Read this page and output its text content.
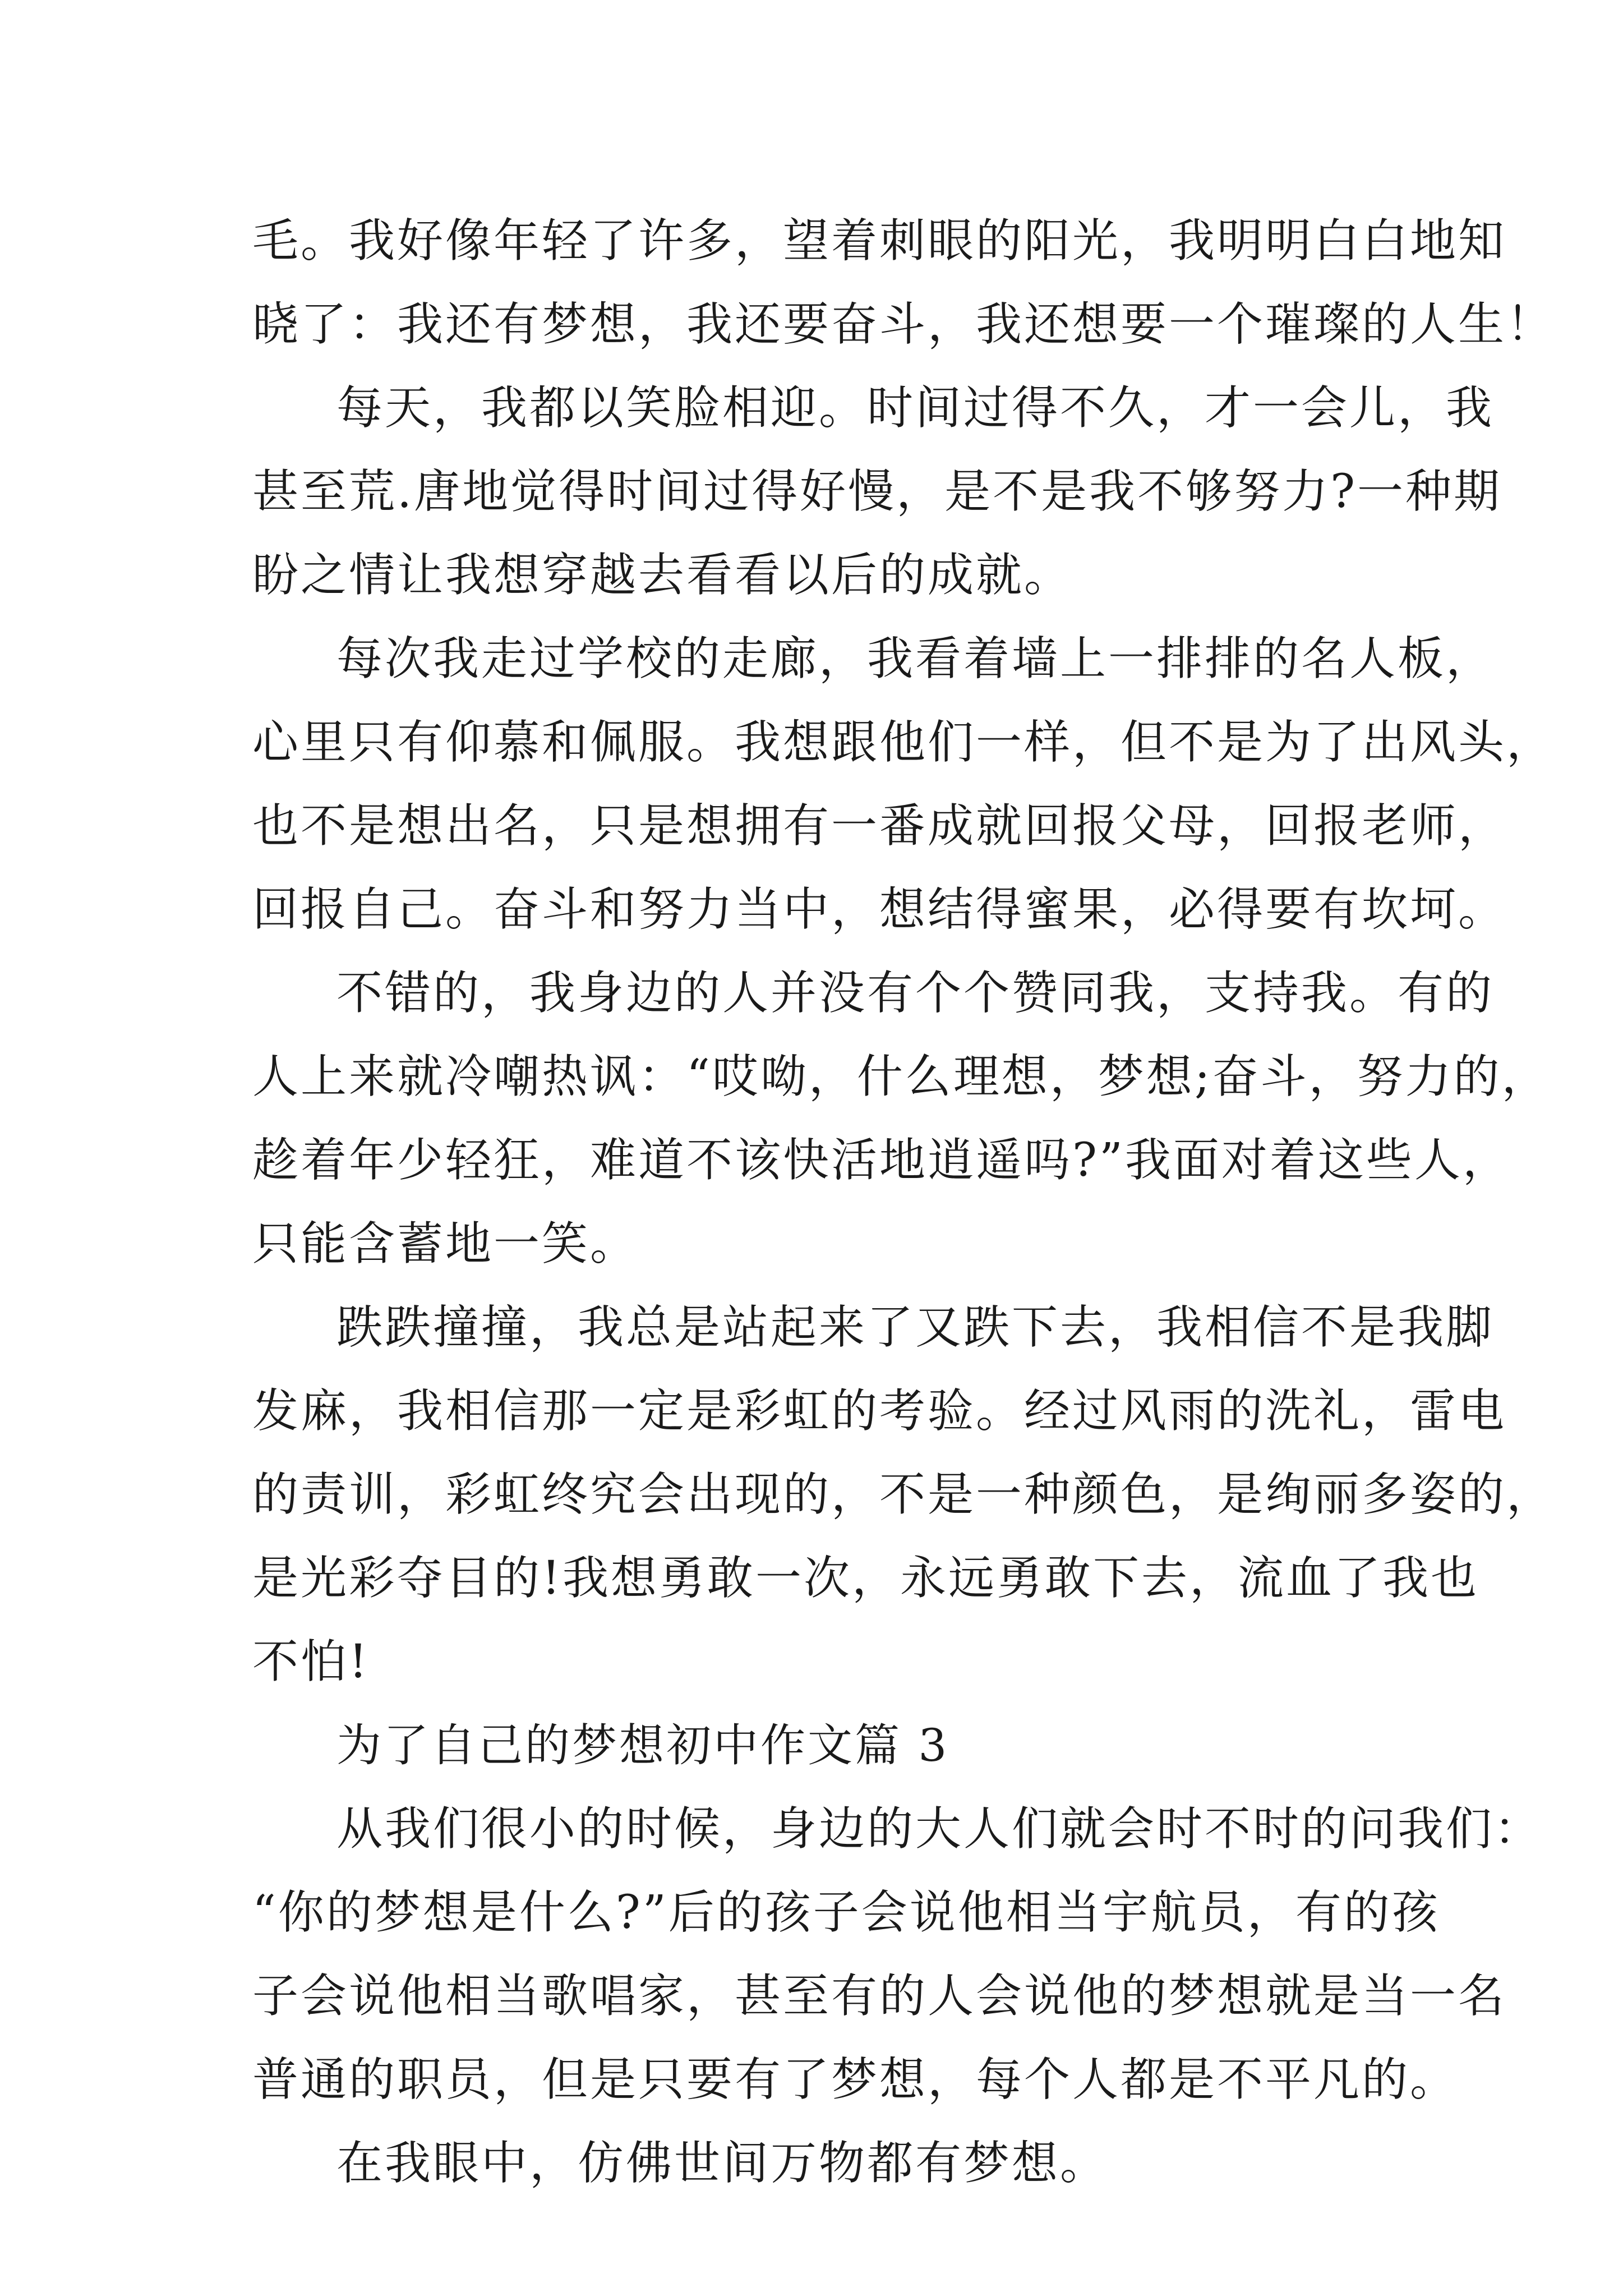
毛。我好像年轻了许多，望着刺眼的阳光，我明明白白地知
晓了：我还有梦想，我还要奋斗，我还想要一个璀璨的人生！
每天，我都以笑脸相迎。时间过得不久，才一会儿，我
甚至荒.唐地觉得时间过得好慢，是不是我不够努力?一种期
盼之情让我想穿越去看看以后的成就。
每次我走过学校的走廊，我看着墙上一排排的名人板，
心里只有仰慕和佩服。我想跟他们一样，但不是为了出风头，
也不是想出名，只是想拥有一番成就回报父母，回报老师，
回报自己。奋斗和努力当中，想结得蜜果，必得要有坎坷。
不错的，我身边的人并没有个个赞同我，支持我。有的
人上来就冷嘲热讽：“哎呦，什么理想，梦想;奋斗，努力的，
趁着年少轻狂，难道不该快活地逍遥吗?”我面对着这些人，
只能含蓄地一笑。
跌跌撞撞，我总是站起来了又跌下去，我相信不是我脚
发麻，我相信那一定是彩虹的考验。经过风雨的洗礼，雷电
的责训，彩虹终究会出现的，不是一种颜色，是绚丽多姿的，
是光彩夺目的!我想勇敢一次，永远勇敢下去，流血了我也
不怕!
为了自己的梦想初中作文篇 3
从我们很小的时候，身边的大人们就会时不时的问我们：
“你的梦想是什么?”后的孩子会说他相当宇航员，有的孩
子会说他相当歌唱家，甚至有的人会说他的梦想就是当一名
普通的职员，但是只要有了梦想，每个人都是不平凡的。
在我眼中，仿佛世间万物都有梦想。
